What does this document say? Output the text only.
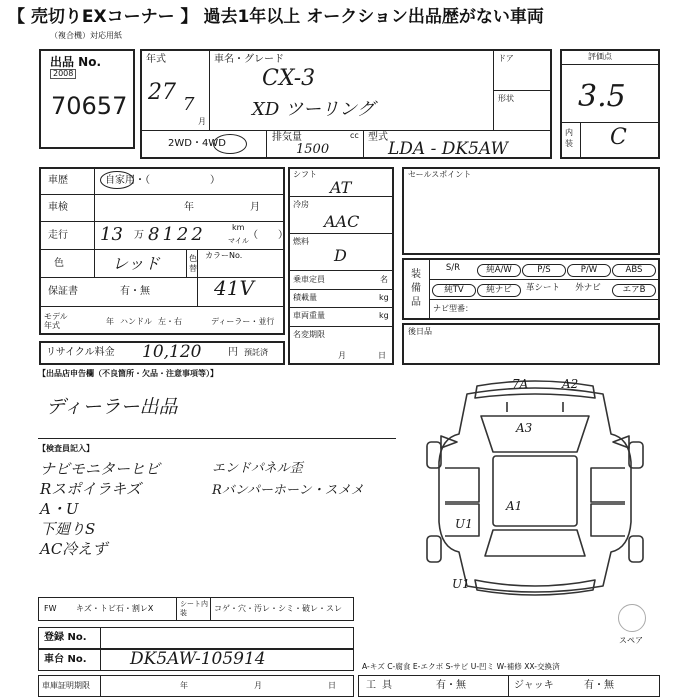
【 売切りEXコーナー 】 過去1年以上 オークション出品歴がない車両
（複合機）対応用紙
出品 No.
2008
70657
年式
27 7
月
車名・グレード
CX-3
XD ツーリング
ドア
形状
2WD・4WD
排気量	cc
1500
型式
LDA - DK5AW
評価点
3.5
内装 C
車歴	自家用・（　　　　　　）
車検	年	月
走行 13 万 8122	km
マイル （　　）
色	レッド	色替
カラーNo.
41V
保証書	有・無
モデル年式	年 ハンドル 左・右	ディーラー・並行
リサイクル料金 10,120	円 預託済
シフト
AT
冷房
AAC
燃料
D
乗車定員	名
積載量	kg
車両重量	kg
名変期限
月	日
セールスポイント
装備品
S/R	純A/W	P/S	P/W	ABS
純TV	純ナビ	革シート	外ナビ	エアB
ナビ型番：
後日品
【出品店申告欄（不良箇所・欠品・注意事項等）】
ディーラー出品
【検査員記入】
ナビモニターヒビ
Rスポイラキズ
A・U
下廻りS
AC冷えず
エンドパネル歪
Rバンパーホーン・スメメ
7A	A2
A3
A1
U1
U1
スペア
FW キズ・トビ石・割レX	シート内装	コゲ・穴・汚レ・シミ・破レ・スレ
登録 No.
車台 No.	DK5AW-105914	A-キズ C-腐食 E-エクボ S-サビ U-凹ミ W-補修 XX-交換済
車庫証明期限	年	月	日	工具	有・無	ジャッキ	有・無
